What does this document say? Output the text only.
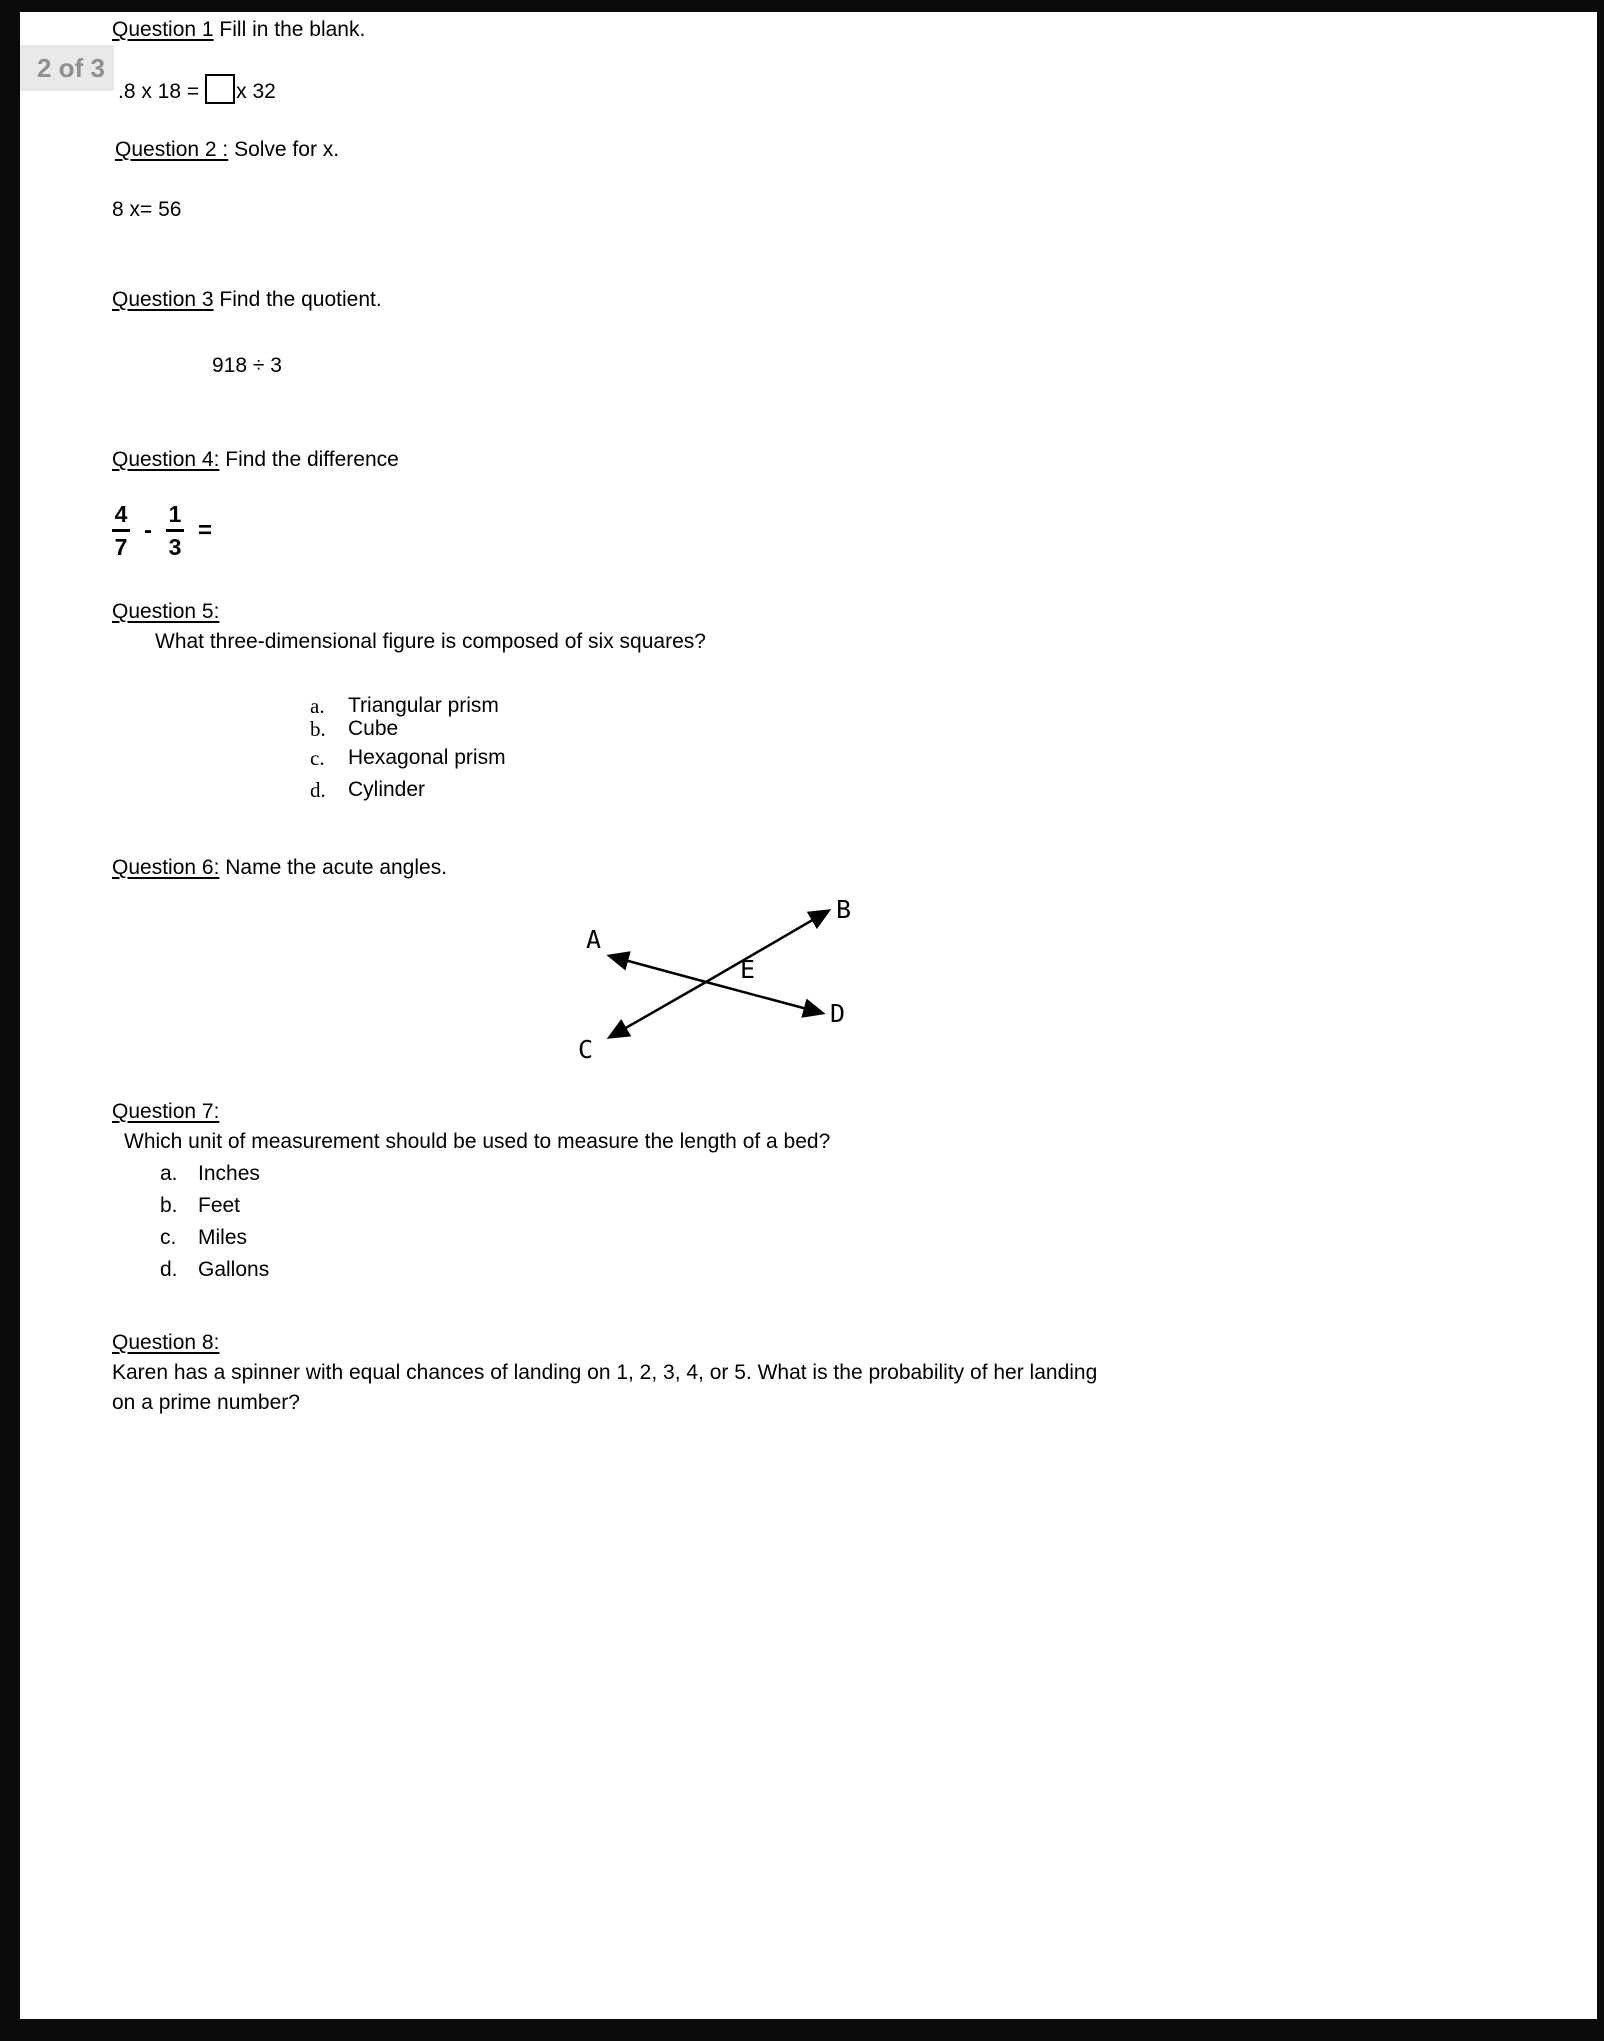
2 of 3
Question 1 Fill in the blank.
.8 x 18 = x 32
Question 2 : Solve for x.
8 x= 56
Question 3 Find the quotient.
918 ÷ 3
Question 4: Find the difference
$\frac{4}{7} - \frac{1}{3}$ =
Question 5:
What three-dimensional figure is composed of six squares?
a.	Triangular prism
b.	Cube
c.	Hexagonal prism
d.	Cylinder
Question 6: Name the acute angles.
A
B
C
D
E
Question 7:
Which unit of measurement should be used to measure the length of a bed?
a. Inches
b. Feet
c.	Miles
d. Gallons
Question 8:
Karen has a spinner with equal chances of landing on 1, 2, 3, 4, or 5. What is the probability of her landing
on a prime number?
